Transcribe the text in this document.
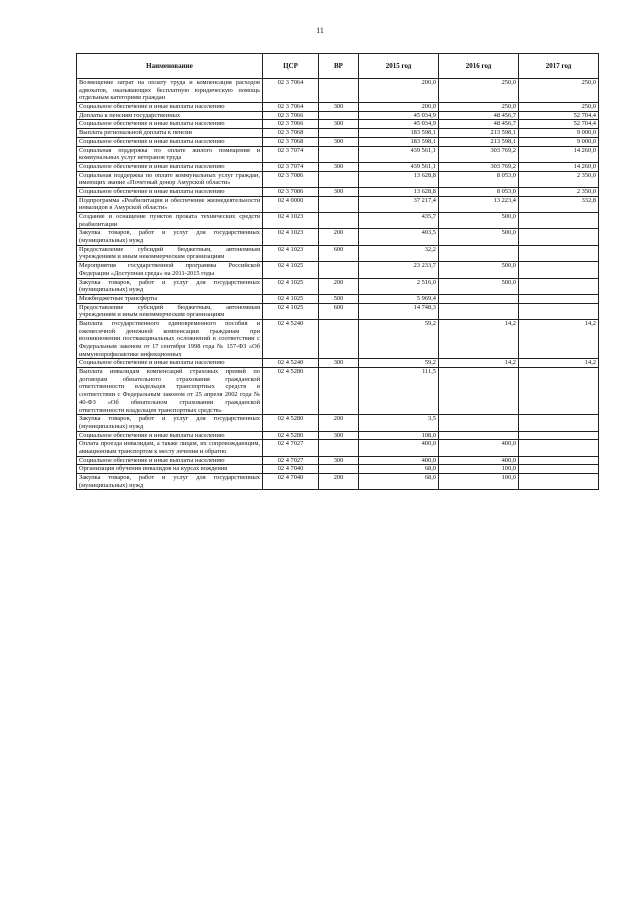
11
Наименование	ЦСР	ВР	2015 год	2016 год	2017 год
Возмещение затрат на оплату труда и компенсация расходов адвокатов, оказывающих бесплатную юридическую помощь отдельным категориям граждан	02 3 7064		200,0	250,0	250,0
Социальное обеспечение и иные выплаты населению	02 3 7064	300	200,0	250,0	250,0
Доплаты к пенсиям государственных	02 3 7066		45 034,9	48 456,7	52 704,4
Социальное обеспечение и иные выплаты населению	02 3 7066	300	45 034,9	48 456,7	52 704,4
Выплата региональной доплаты к пенсии	02 3 7068		183 598,1	213 598,1	9 000,0
Социальное обеспечение и иные выплаты населению	02 3 7068	300	183 598,1	213 598,1	9 000,0
Социальная поддержка по оплате жилого помещения и коммунальных услуг ветеранов труда	02 3 7074		439 561,1	303 769,2	14 260,0
Социальное обеспечение и иные выплаты населению	02 3 7074	300	439 561,1	303 769,2	14 260,0
Социальная поддержка по оплате коммунальных услуг граждан, имеющих звание «Почетный донор Амурской области»	02 3 7086		13 628,8	8 053,0	2 350,0
Социальное обеспечение и иные выплаты населению	02 3 7086	300	13 628,8	8 053,0	2 350,0
Подпрограмма «Реабилитация и обеспечение жизнедеятельности инвалидов в Амурской области»	02 4 0000		37 217,4	13 223,4	332,8
Создание и оснащение пунктов проката технических средств реабилитации	02 4 1023		435,7	500,0	
Закупка товаров, работ и услуг для государственных (муниципальных) нужд	02 4 1023	200	403,5	500,0	
Предоставление субсидий бюджетным, автономным учреждениям и иным некоммерческим организациям	02 4 1023	600	32,2		
Мероприятия государственной программы Российской Федерации «Доступная среда» на 2011-2015 годы	02 4 1025		23 233,7	500,0	
Закупка товаров, работ и услуг для государственных (муниципальных) нужд	02 4 1025	200	2 516,0	500,0	
Межбюджетные трансферты	02 4 1025	500	5 969,4		
Предоставление субсидий бюджетным, автономным учреждениям и иным некоммерческим организациям	02 4 1025	600	14 748,3		
Выплата государственного единовременного пособия и ежемесячной денежной компенсации гражданам при возникновении поствакцинальных осложнений в соответствии с Федеральным законом от 17 сентября 1998 года № 157-ФЗ «Об иммунопрофилактике инфекционных	02 4 5240		59,2	14,2	14,2
Социальное обеспечение и иные выплаты населению	02 4 5240	300	59,2	14,2	14,2
Выплата инвалидам компенсаций страховых премий по договорам обязательного страхования гражданской ответственности владельцев транспортных средств в соответствии с Федеральным законом от 25 апреля 2002 года № 40-ФЗ «Об обязательном страховании гражданской ответственности владельцев транспортных средств»	02 4 5280		111,5		
Закупка товаров, работ и услуг для государственных (муниципальных) нужд	02 4 5280	200	3,5		
Социальное обеспечение и иные выплаты населению	02 4 5280	300	108,0		
Оплата проезда инвалидам, а также лицам, их сопровождающим, авиационным транспортом к месту лечения и обратно	02 4 7027		400,0	400,0	
Социальное обеспечение и иные выплаты населению	02 4 7027	300	400,0	400,0	
Организация обучения инвалидов на курсах вождения	02 4 7040		68,0	100,0	
Закупка товаров, работ и услуг для государственных (муниципальных) нужд	02 4 7040	200	68,0	100,0	
